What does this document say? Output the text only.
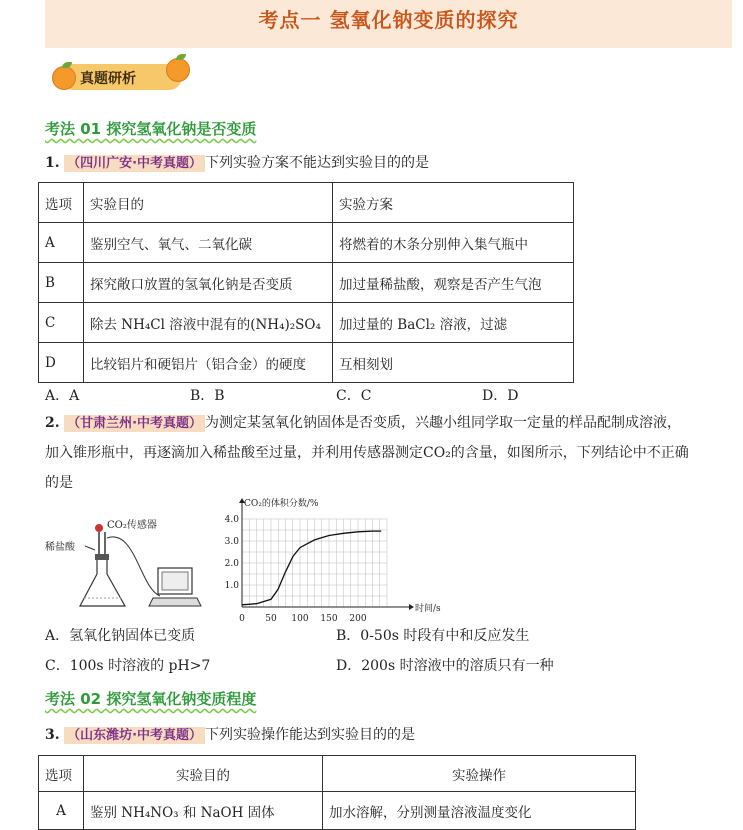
考点一 氢氧化钠变质的探究
真题研析
考法 01 探究氢氧化钠是否变质
1. （四川广安·中考真题） 下列实验方案不能达到实验目的的是
选项	实验目的	实验方案
A	鉴别空气、氧气、二氧化碳	将燃着的木条分别伸入集气瓶中
B	探究敞口放置的氢氧化钠是否变质	加过量稀盐酸，观察是否产生气泡
C	除去 NH₄Cl 溶液中混有的(NH₄)₂SO₄	加过量的 BaCl₂ 溶液，过滤
D	比较铝片和硬铝片（铝合金）的硬度	互相刻划
A．A	B．B	C．C	D．D
2. （甘肃兰州·中考真题） 为测定某氢氧化钠固体是否变质，兴趣小组同学取一定量的样品配制成溶液，
加入锥形瓶中，再逐滴加入稀盐酸至过量，并利用传感器测定CO₂的含量，如图所示，下列结论中不正确
的是
稀盐酸
CO₂传感器
0 50 100 150 200
1.0
2.0
3.0
4.0
CO₂的体积分数/%
时间/s
A．氢氧化钠固体已变质	B．0-50s 时段有中和反应发生
C．100s 时溶液的 pH>7	D．200s 时溶液中的溶质只有一种
考法 02 探究氢氧化钠变质程度
3. （山东潍坊·中考真题） 下列实验操作能达到实验目的的是
选项	实验目的	实验操作
A	鉴别 NH₄NO₃ 和 NaOH 固体	加水溶解，分别测量溶液温度变化
